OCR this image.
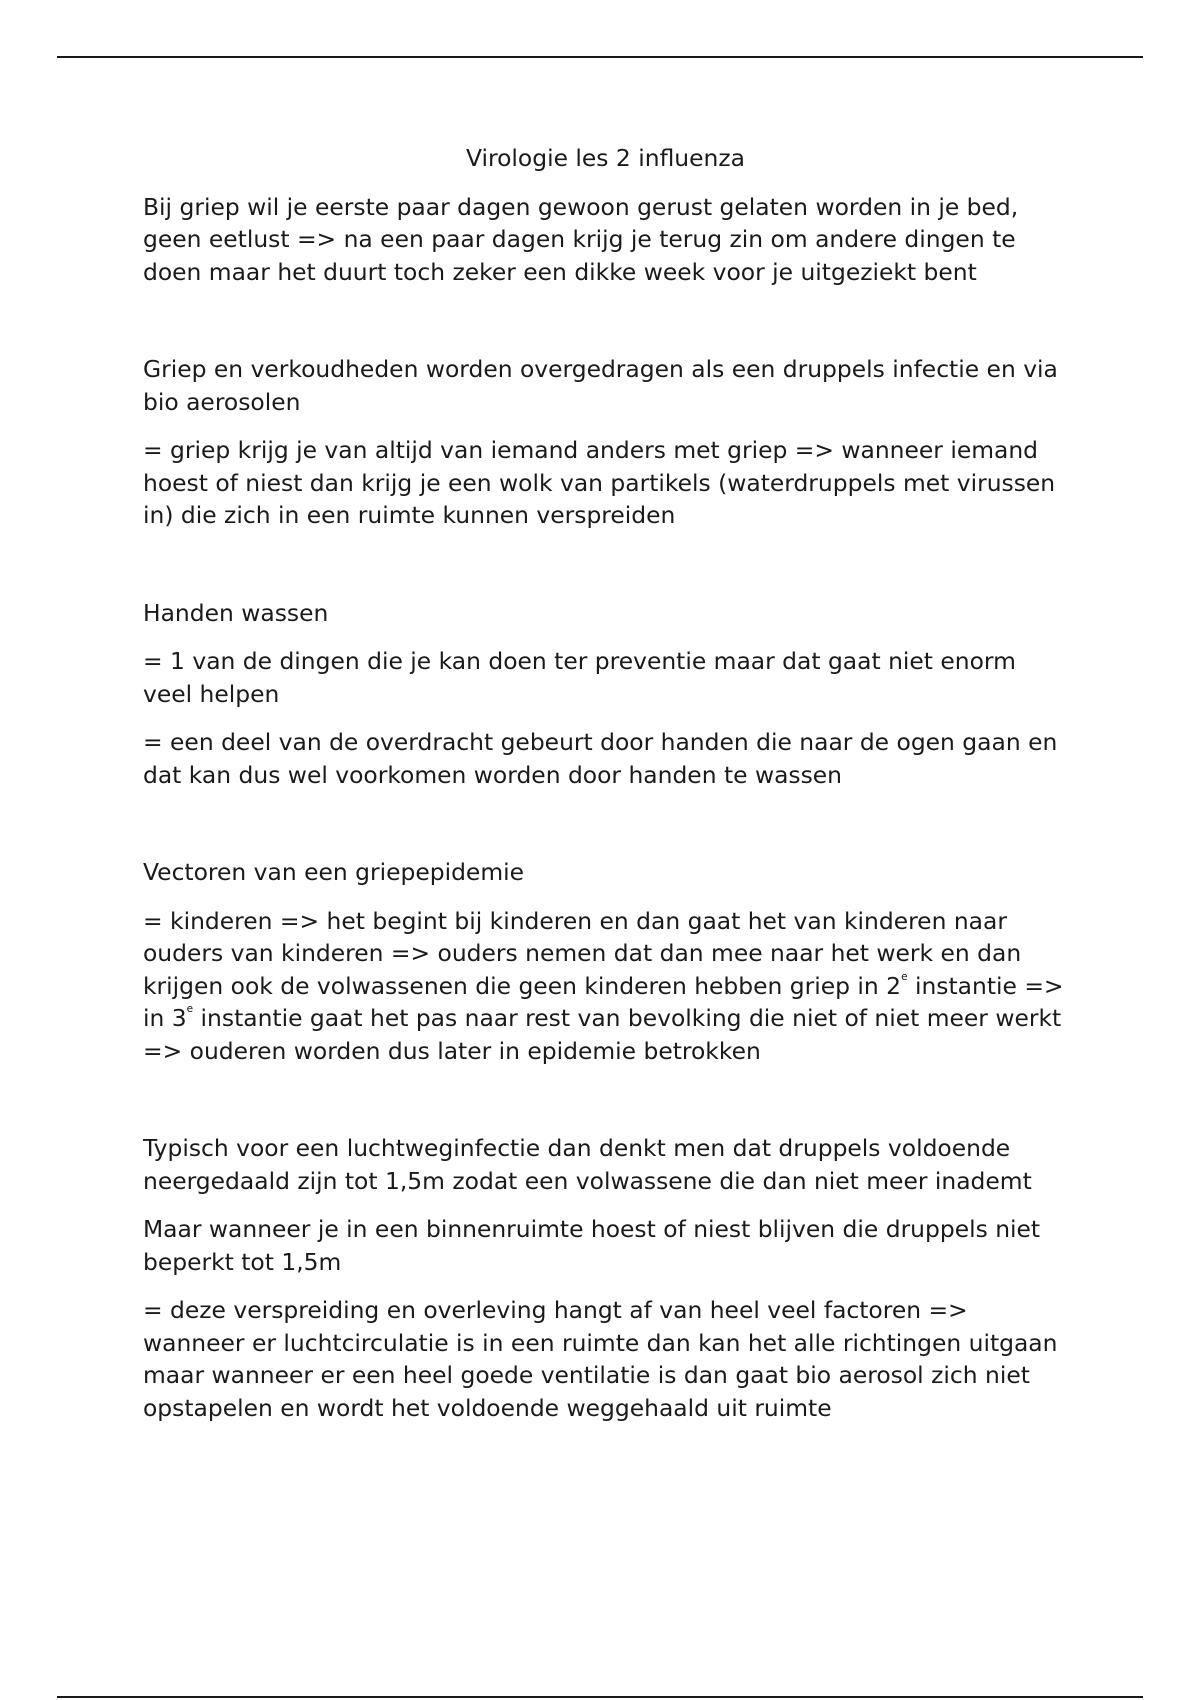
Virologie les 2 influenza

Bij griep wil je eerste paar dagen gewoon gerust gelaten worden in je bed, geen eetlust => na een paar dagen krijg je terug zin om andere dingen te doen maar het duurt toch zeker een dikke week voor je uitgeziekt bent

Griep en verkoudheden worden overgedragen als een druppels infectie en via bio aerosolen

= griep krijg je van altijd van iemand anders met griep => wanneer iemand hoest of niest dan krijg je een wolk van partikels (waterdruppels met virussen in) die zich in een ruimte kunnen verspreiden

Handen wassen

= 1 van de dingen die je kan doen ter preventie maar dat gaat niet enorm veel helpen

= een deel van de overdracht gebeurt door handen die naar de ogen gaan en dat kan dus wel voorkomen worden door handen te wassen

Vectoren van een griepepidemie

= kinderen => het begint bij kinderen en dan gaat het van kinderen naar ouders van kinderen => ouders nemen dat dan mee naar het werk en dan krijgen ook de volwassenen die geen kinderen hebben griep in 2e instantie => in 3e instantie gaat het pas naar rest van bevolking die niet of niet meer werkt => ouderen worden dus later in epidemie betrokken

Typisch voor een luchtweginfectie dan denkt men dat druppels voldoende neergedaald zijn tot 1,5m zodat een volwassene die dan niet meer inademt

Maar wanneer je in een binnenruimte hoest of niest blijven die druppels niet beperkt tot 1,5m

= deze verspreiding en overleving hangt af van heel veel factoren => wanneer er luchtcirculatie is in een ruimte dan kan het alle richtingen uitgaan maar wanneer er een heel goede ventilatie is dan gaat bio aerosol zich niet opstapelen en wordt het voldoende weggehaald uit ruimte
